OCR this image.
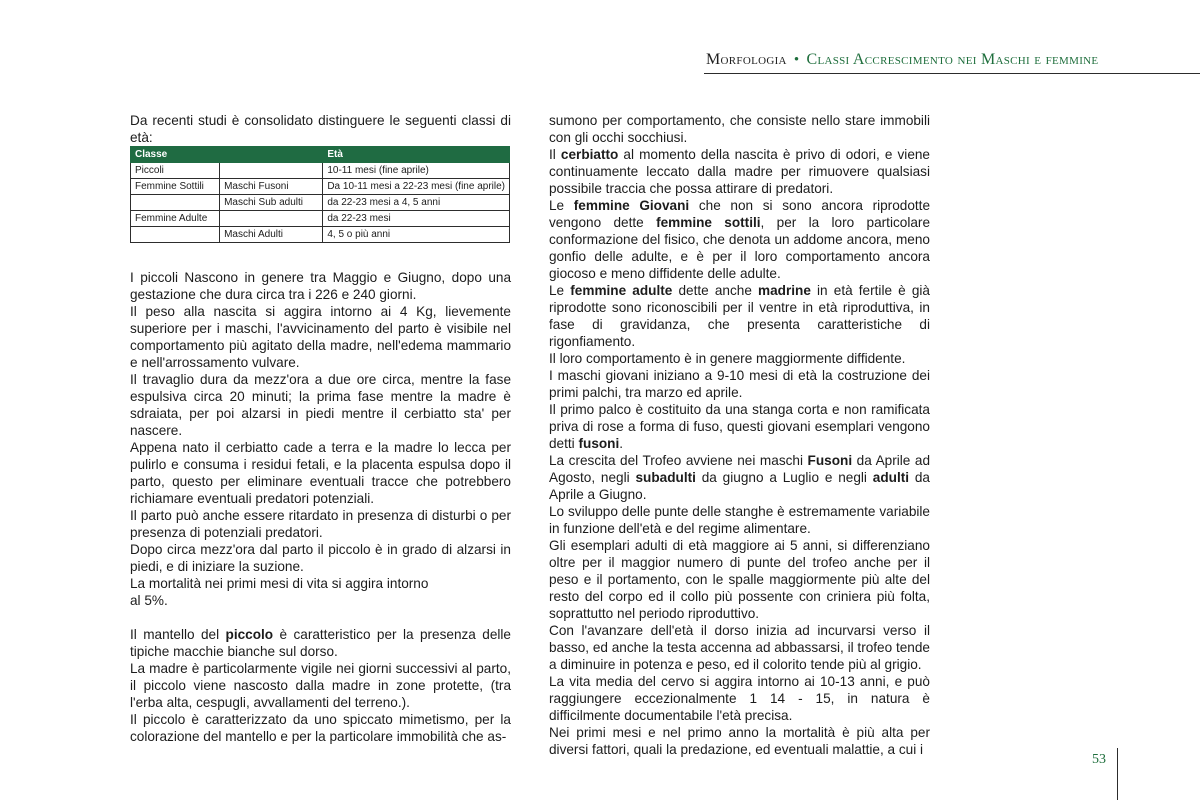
Morfologia • Classi Accrescimento nei Maschi e femmine

Da recenti studi è consolidato distinguere le seguenti classi di età:

Classe		Età
Piccoli		10-11 mesi (fine aprile)
Femmine Sottili	Maschi Fusoni	Da 10-11 mesi a 22-23 mesi (fine aprile)
	Maschi Sub adulti	da 22-23 mesi a 4, 5 anni
Femmine Adulte		da 22-23 mesi
	Maschi Adulti	4, 5 o più anni

I piccoli Nascono in genere tra Maggio e Giugno, dopo una gestazione che dura circa tra i 226 e 240 giorni.

Il peso alla nascita si aggira intorno ai 4 Kg, lievemente superiore per i maschi, l'avvicinamento del parto è visibile nel comportamento più agitato della madre, nell'edema mammario e nell'arrossamento vulvare.

Il travaglio dura da mezz'ora a due ore circa, mentre la fase espulsiva circa 20 minuti; la prima fase mentre la madre è sdraiata, per poi alzarsi in piedi mentre il cerbiatto sta' per nascere.

Appena nato il cerbiatto cade a terra e la madre lo lecca per pulirlo e consuma i residui fetali, e la placenta espulsa dopo il parto, questo per eliminare eventuali tracce che potrebbero richiamare eventuali predatori potenziali.

Il parto può anche essere ritardato in presenza di disturbi o per presenza di potenziali predatori.

Dopo circa mezz'ora dal parto il piccolo è in grado di alzarsi in piedi, e di iniziare la suzione.

La mortalità nei primi mesi di vita si aggira intorno

al 5%.

Il mantello del piccolo è caratteristico per la presenza delle tipiche macchie bianche sul dorso.

La madre è particolarmente vigile nei giorni successivi al parto, il piccolo viene nascosto dalla madre in zone protette, (tra l'erba alta, cespugli, avvallamenti del terreno.).

Il piccolo è caratterizzato da uno spiccato mimetismo, per la colorazione del mantello e per la particolare immobilità che as-

sumono per comportamento, che consiste nello stare immobili con gli occhi socchiusi.

Il cerbiatto al momento della nascita è privo di odori, e viene continuamente leccato dalla madre per rimuovere qualsiasi possibile traccia che possa attirare di predatori.

Le femmine Giovani che non si sono ancora riprodotte vengono dette femmine sottili, per la loro particolare conformazione del fisico, che denota un addome ancora, meno gonfio delle adulte, e è per il loro comportamento ancora giocoso e meno diffidente delle adulte.

Le femmine adulte dette anche madrine in età fertile è già riprodotte sono riconoscibili per il ventre in età riproduttiva, in fase di gravidanza, che presenta caratteristiche di rigonfiamento.

Il loro comportamento è in genere maggiormente diffidente.

I maschi giovani iniziano a 9-10 mesi di età la costruzione dei primi palchi, tra marzo ed aprile.

Il primo palco è costituito da una stanga corta e non ramificata priva di rose a forma di fuso, questi giovani esemplari vengono detti fusoni.

La crescita del Trofeo avviene nei maschi Fusoni da Aprile ad Agosto, negli subadulti da giugno a Luglio e negli adulti da Aprile a Giugno.

Lo sviluppo delle punte delle stanghe è estremamente variabile in funzione dell'età e del regime alimentare.

Gli esemplari adulti di età maggiore ai 5 anni, si differenziano oltre per il maggior numero di punte del trofeo anche per il peso e il portamento, con le spalle maggiormente più alte del resto del corpo ed il collo più possente con criniera più folta, soprattutto nel periodo riproduttivo.

Con l'avanzare dell'età il dorso inizia ad incurvarsi verso il basso, ed anche la testa accenna ad abbassarsi, il trofeo tende a diminuire in potenza e peso, ed il colorito tende più al grigio.

La vita media del cervo si aggira intorno ai 10-13 anni, e può raggiungere eccezionalmente 1 14 - 15, in natura è difficilmente documentabile l'età precisa.

Nei primi mesi e nel primo anno la mortalità è più alta per diversi fattori, quali la predazione, ed eventuali malattie, a cui i

53
